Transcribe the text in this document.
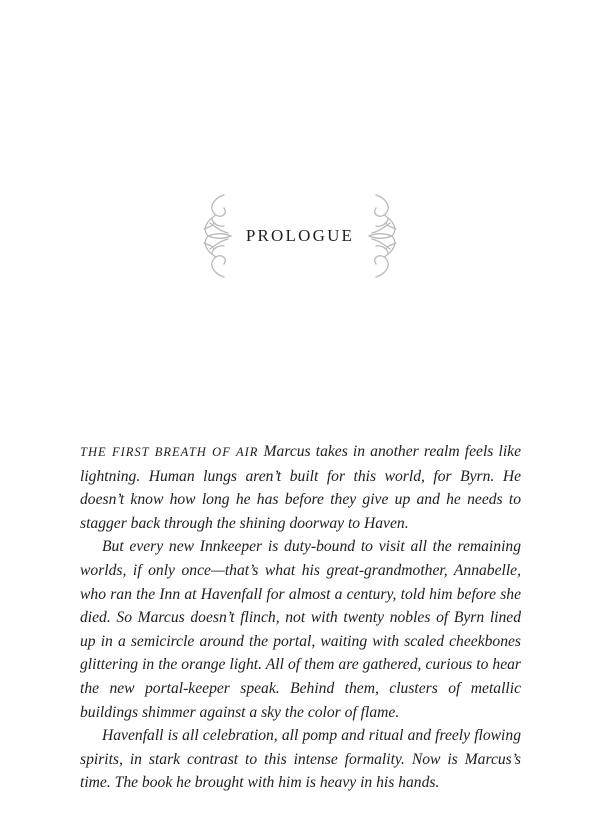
PROLOGUE

THE FIRST BREATH OF AIR Marcus takes in another realm feels like lightning. Human lungs aren’t built for this world, for Byrn. He doesn’t know how long he has before they give up and he needs to stagger back through the shining doorway to Haven.

But every new Innkeeper is duty-bound to visit all the remaining worlds, if only once—that’s what his great-grandmother, Annabelle, who ran the Inn at Havenfall for almost a century, told him before she died. So Marcus doesn’t flinch, not with twenty nobles of Byrn lined up in a semicircle around the portal, waiting with scaled cheekbones glittering in the orange light. All of them are gathered, curious to hear the new portal-keeper speak. Behind them, clusters of metallic buildings shimmer against a sky the color of flame.

Havenfall is all celebration, all pomp and ritual and freely flowing spirits, in stark contrast to this intense formality. Now is Marcus’s time. The book he brought with him is heavy in his hands.
